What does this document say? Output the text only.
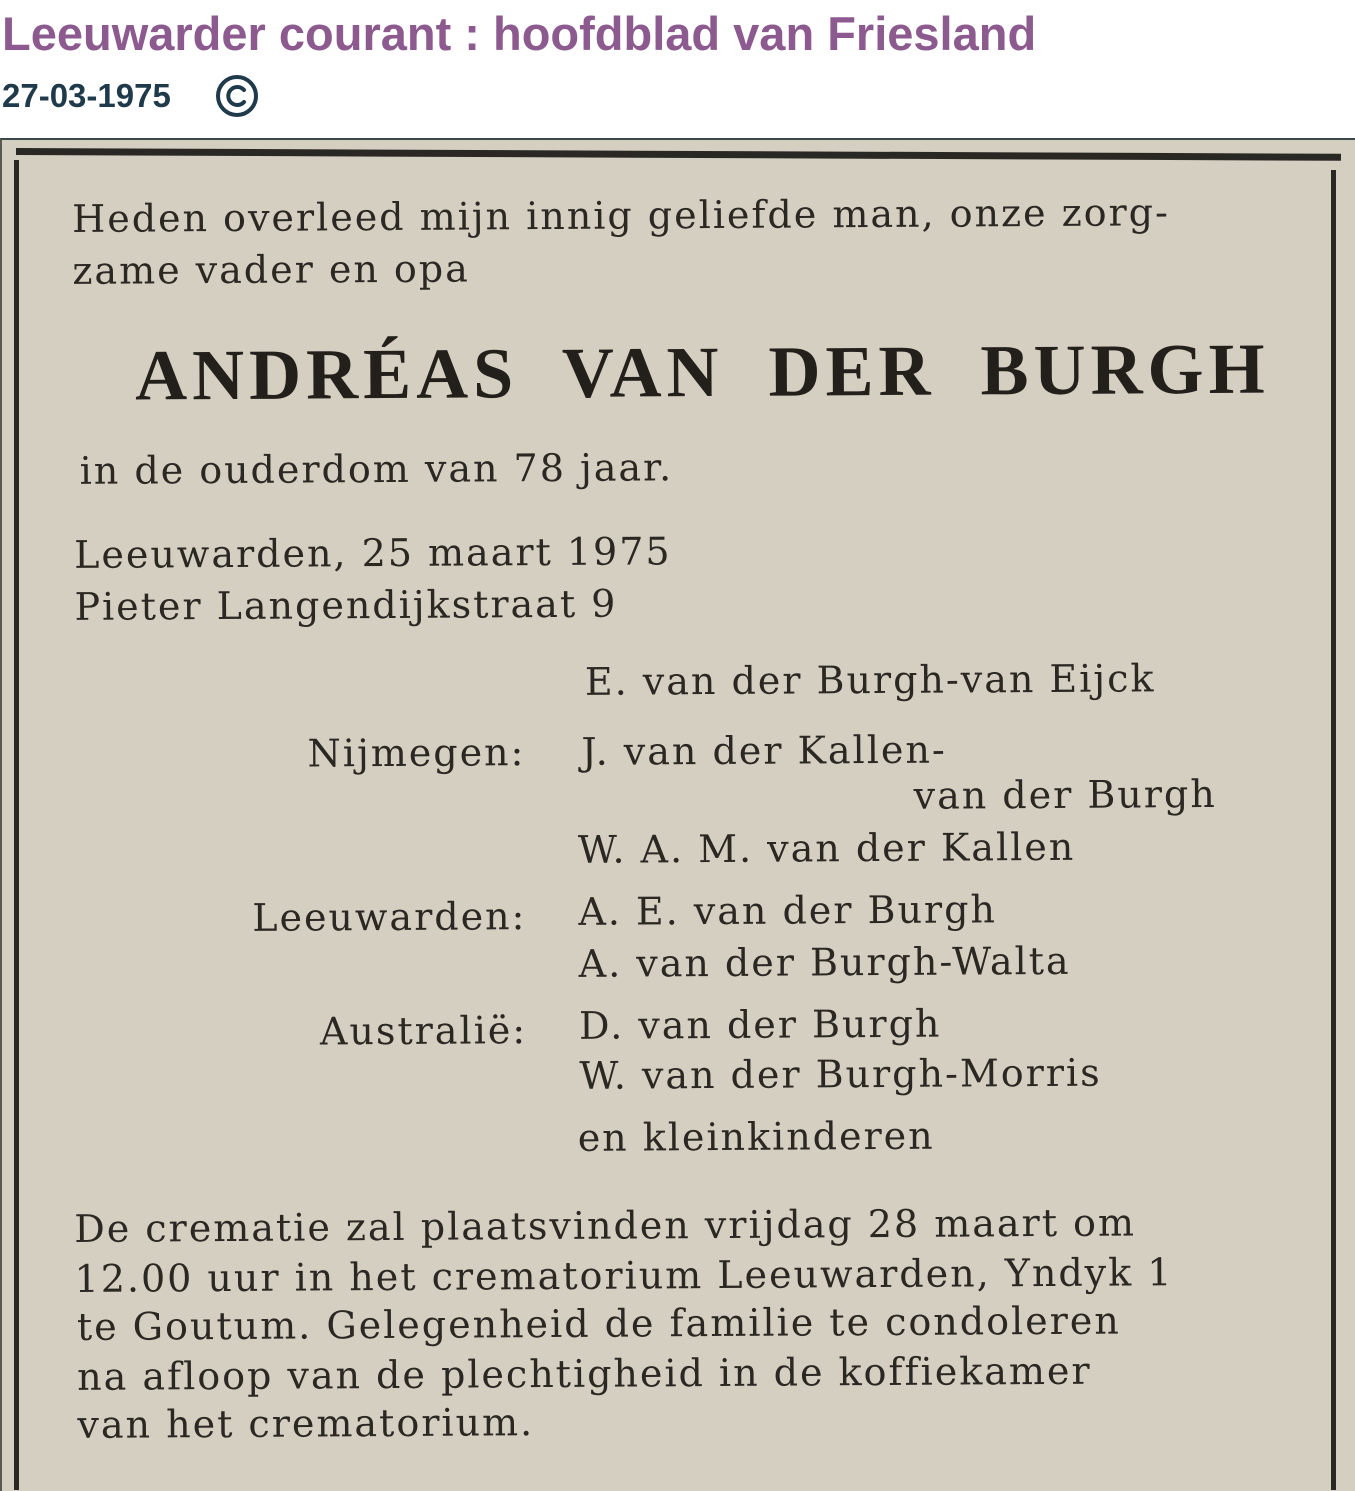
Leeuwarder courant : hoofdblad van Friesland
27-03-1975
Heden overleed mijn innig geliefde man, onze zorg-
zame vader en opa
ANDRÉAS VAN DER BURGH
in de ouderdom van 78 jaar.
Leeuwarden, 25 maart 1975
Pieter Langendijkstraat 9
E. van der Burgh-van Eijck
Nijmegen: J. van der Kallen-
van der Burgh
W. A. M. van der Kallen
Leeuwarden: A. E. van der Burgh
A. van der Burgh-Walta
Australië: D. van der Burgh
W. van der Burgh-Morris
en kleinkinderen
De crematie zal plaatsvinden vrijdag 28 maart om
12.00 uur in het crematorium Leeuwarden, Yndyk 1
te Goutum. Gelegenheid de familie te condoleren
na afloop van de plechtigheid in de koffiekamer
van het crematorium.
